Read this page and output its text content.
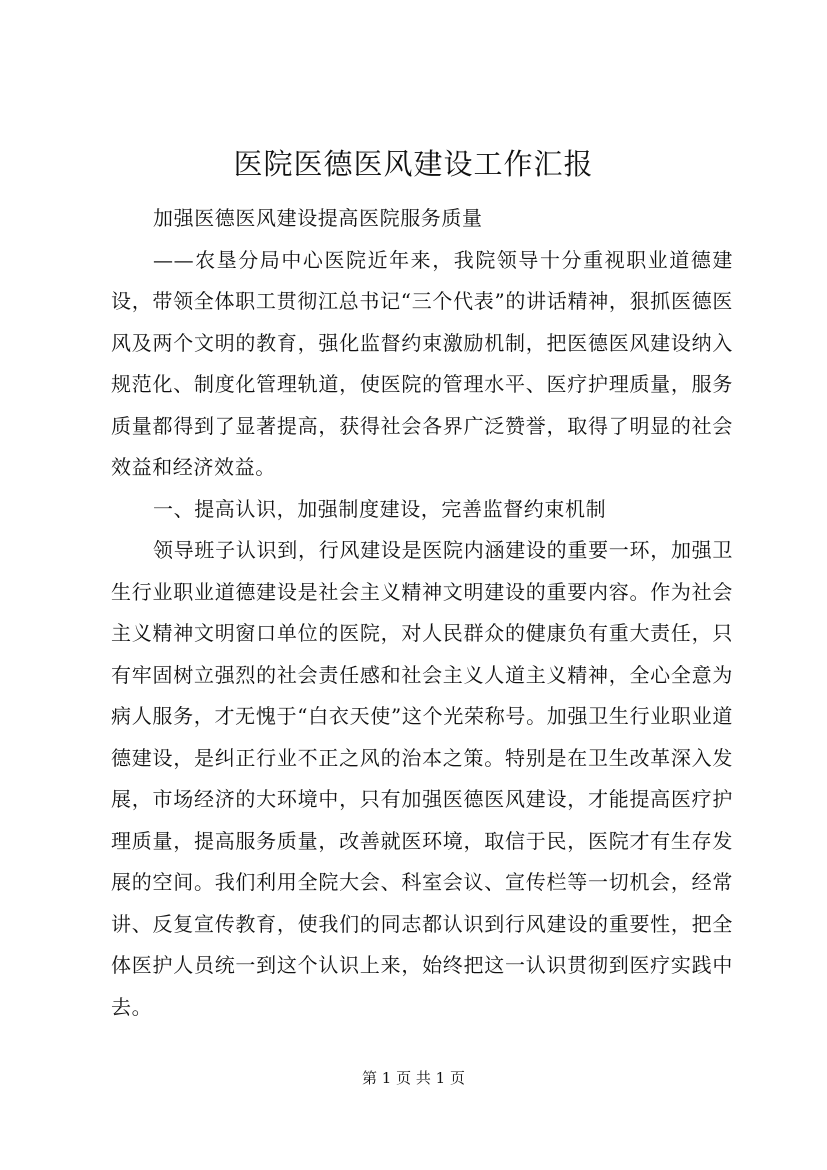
医院医德医风建设工作汇报

加强医德医风建设提高医院服务质量

——农垦分局中心医院近年来，我院领导十分重视职业道德建设，带领全体职工贯彻江总书记“三个代表”的讲话精神，狠抓医德医风及两个文明的教育，强化监督约束激励机制，把医德医风建设纳入规范化、制度化管理轨道，使医院的管理水平、医疗护理质量，服务质量都得到了显著提高，获得社会各界广泛赞誉，取得了明显的社会效益和经济效益。

一、提高认识，加强制度建设，完善监督约束机制

领导班子认识到，行风建设是医院内涵建设的重要一环，加强卫生行业职业道德建设是社会主义精神文明建设的重要内容。作为社会主义精神文明窗口单位的医院，对人民群众的健康负有重大责任，只有牢固树立强烈的社会责任感和社会主义人道主义精神，全心全意为病人服务，才无愧于“白衣天使”这个光荣称号。加强卫生行业职业道德建设，是纠正行业不正之风的治本之策。特别是在卫生改革深入发展，市场经济的大环境中，只有加强医德医风建设，才能提高医疗护理质量，提高服务质量，改善就医环境，取信于民，医院才有生存发展的空间。我们利用全院大会、科室会议、宣传栏等一切机会，经常讲、反复宣传教育，使我们的同志都认识到行风建设的重要性，把全体医护人员统一到这个认识上来，始终把这一认识贯彻到医疗实践中去。

第 1 页 共 1 页
